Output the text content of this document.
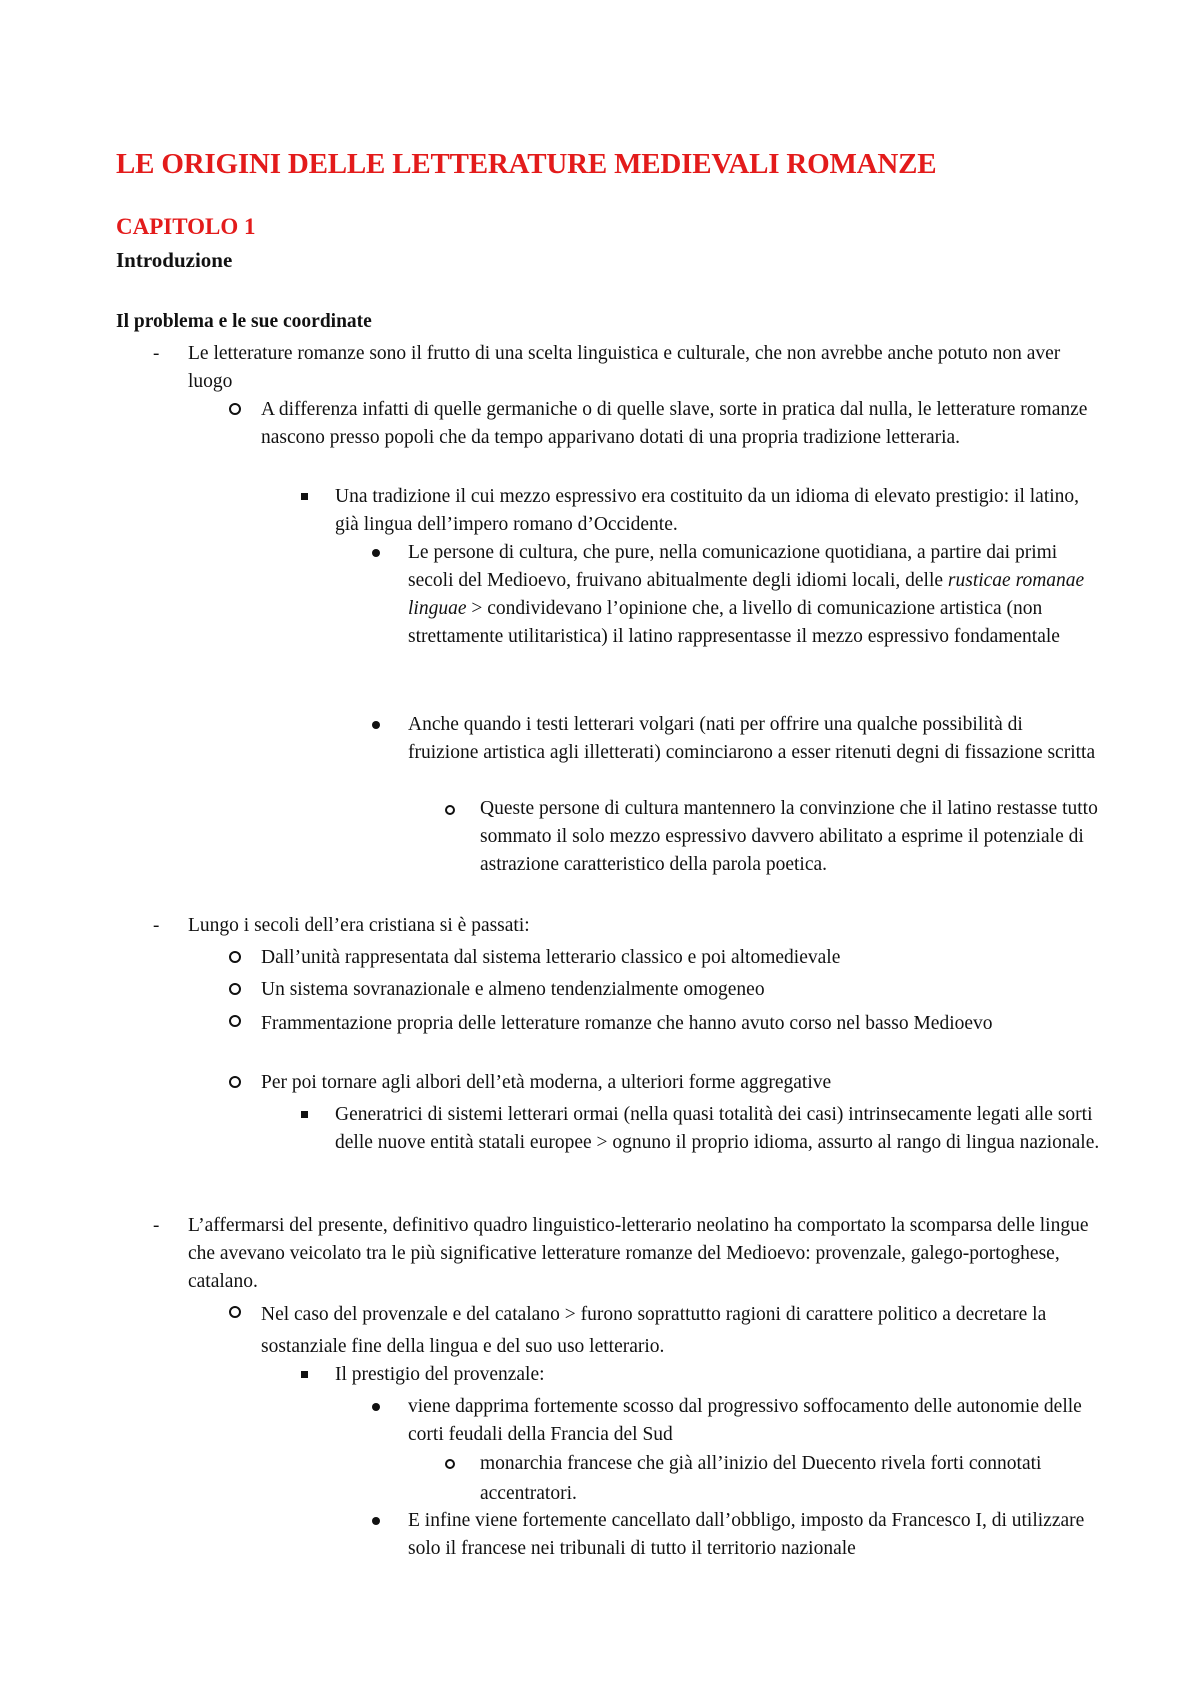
LE ORIGINI DELLE LETTERATURE MEDIEVALI ROMANZE
CAPITOLO 1
Introduzione
Il problema e le sue coordinate
- Le letterature romanze sono il frutto di una scelta linguistica e culturale, che non avrebbe anche potuto non aver luogo

A differenza infatti di quelle germaniche o di quelle slave, sorte in pratica dal nulla, le letterature romanze nascono presso popoli che da tempo apparivano dotati di una propria tradizione letteraria.

Una tradizione il cui mezzo espressivo era costituito da un idioma di elevato prestigio: il latino, già lingua dell’impero romano d’Occidente.

Le persone di cultura, che pure, nella comunicazione quotidiana, a partire dai primi secoli del Medioevo, fruivano abitualmente degli idiomi locali, delle rusticae romanae linguae > condividevano l’opinione che, a livello di comunicazione artistica (non strettamente utilitaristica) il latino rappresentasse il mezzo espressivo fondamentale

Anche quando i testi letterari volgari (nati per offrire una qualche possibilità di fruizione artistica agli illetterati) cominciarono a esser ritenuti degni di fissazione scritta

Queste persone di cultura mantennero la convinzione che il latino restasse tutto sommato il solo mezzo espressivo davvero abilitato a esprime il potenziale di astrazione caratteristico della parola poetica.

- Lungo i secoli dell’era cristiana si è passati:

Dall’unità rappresentata dal sistema letterario classico e poi altomedievale

Un sistema sovranazionale e almeno tendenzialmente omogeneo

Frammentazione propria delle letterature romanze che hanno avuto corso nel basso Medioevo

Per poi tornare agli albori dell’età moderna, a ulteriori forme aggregative

Generatrici di sistemi letterari ormai (nella quasi totalità dei casi) intrinsecamente legati alle sorti delle nuove entità statali europee > ognuno il proprio idioma, assurto al rango di lingua nazionale.

- L’affermarsi del presente, definitivo quadro linguistico-letterario neolatino ha comportato la scomparsa delle lingue che avevano veicolato tra le più significative letterature romanze del Medioevo: provenzale, galego-portoghese, catalano.

Nel caso del provenzale e del catalano > furono soprattutto ragioni di carattere politico a decretare la sostanziale fine della lingua e del suo uso letterario.

Il prestigio del provenzale:

viene dapprima fortemente scosso dal progressivo soffocamento delle autonomie delle corti feudali della Francia del Sud

monarchia francese che già all’inizio del Duecento rivela forti connotati accentratori.

E infine viene fortemente cancellato dall’obbligo, imposto da Francesco I, di utilizzare solo il francese nei tribunali di tutto il territorio nazionale
